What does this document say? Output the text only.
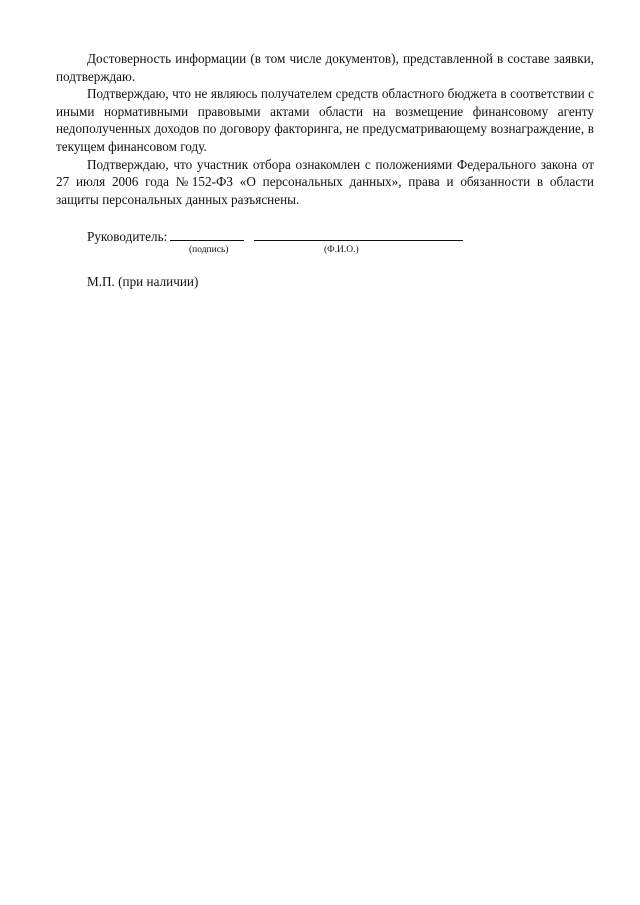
Достоверность информации (в том числе документов), представленной в составе заявки, подтверждаю.

Подтверждаю, что не являюсь получателем средств областного бюджета в соответствии с иными нормативными правовыми актами области на возмещение финансовому агенту недополученных доходов по договору факторинга, не предусматривающему вознаграждение, в текущем финансовом году.

Подтверждаю, что участник отбора ознакомлен с положениями Федерального закона от 27 июля 2006 года №152-ФЗ «О персональных данных», права и обязанности в области защиты персональных данных разъяснены.

Руководитель:
(подпись)	(Ф.И.О.)
М.П. (при наличии)
